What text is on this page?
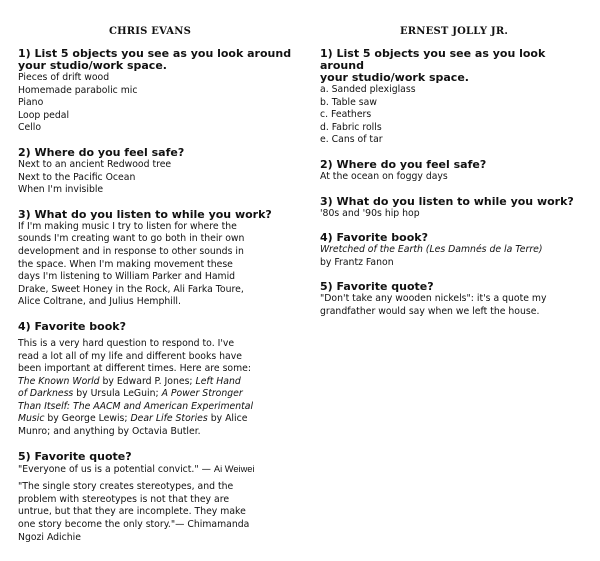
CHRIS EVANS

1) List 5 objects you see as you look around
your studio/work space.

Pieces of drift wood

Homemade parabolic mic

Piano

Loop pedal

Cello

2) Where do you feel safe?

Next to an ancient Redwood tree

Next to the Pacific Ocean

When I'm invisible

3) What do you listen to while you work?

If I'm making music I try to listen for where the
sounds I'm creating want to go both in their own
development and in response to other sounds in
the space. When I'm making movement these
days I'm listening to William Parker and Hamid
Drake, Sweet Honey in the Rock, Ali Farka Toure,
Alice Coltrane, and Julius Hemphill.

4) Favorite book?

This is a very hard question to respond to. I've
read a lot all of my life and different books have
been important at different times. Here are some:
The Known World by Edward P. Jones; Left Hand
of Darkness by Ursula LeGuin; A Power Stronger
Than Itself: The AACM and American Experimental
Music by George Lewis; Dear Life Stories by Alice
Munro; and anything by Octavia Butler.

5) Favorite quote?

"Everyone of us is a potential convict." — Ai Weiwei

"The single story creates stereotypes, and the
problem with stereotypes is not that they are
untrue, but that they are incomplete. They make
one story become the only story."— Chimamanda
Ngozi Adichie

ERNEST JOLLY JR.

1) List 5 objects you see as you look around
your studio/work space.

a. Sanded plexiglass

b. Table saw

c. Feathers

d. Fabric rolls

e. Cans of tar

2) Where do you feel safe?

At the ocean on foggy days

3) What do you listen to while you work?

'80s and '90s hip hop

4) Favorite book?

Wretched of the Earth (Les Damnés de la Terre)

by Frantz Fanon

5) Favorite quote?

"Don't take any wooden nickels": it's a quote my
grandfather would say when we left the house.
